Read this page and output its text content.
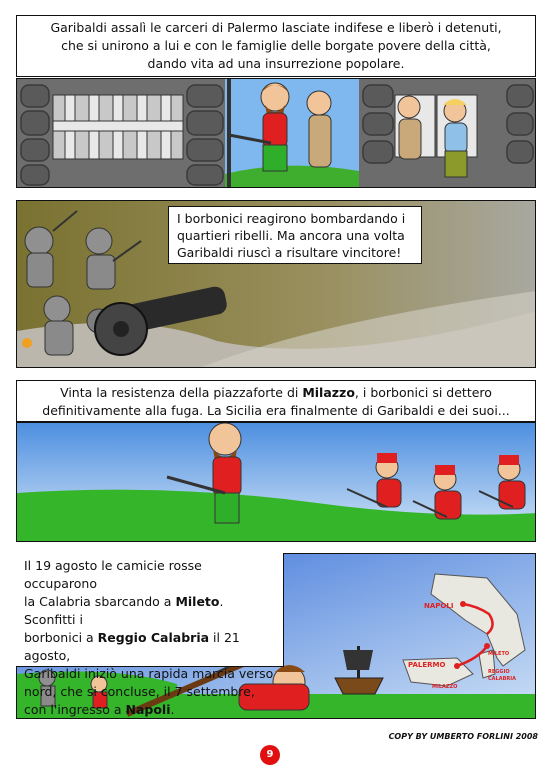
Garibaldi assalì le carceri di Palermo lasciate indifese e liberò i detenuti,
che si unirono a lui e con le famiglie delle borgate povere della città,
dando vita ad una insurrezione popolare.
I borbonici reagirono bombardando i
quartieri ribelli. Ma ancora una volta
Garibaldi riuscì a risultare vincitore!
Vinta la resistenza della piazzaforte di Milazzo, i borbonici si dettero
definitivamente alla fuga. La Sicilia era finalmente di Garibaldi e dei suoi...
Il 19 agosto le camicie rosse occuparono
la Calabria sbarcando a Mileto. Sconfitti i
borbonici a Reggio Calabria il 21 agosto,
Garibaldi iniziò una rapida marcia verso
nord, che si concluse, il 7 settembre,
con l'ingresso a Napoli.
NAPOLI
MILETO
PALERMO
MILAZZO
REGGIO CALABRIA
COPY BY UMBERTO FORLINI 2008
9
